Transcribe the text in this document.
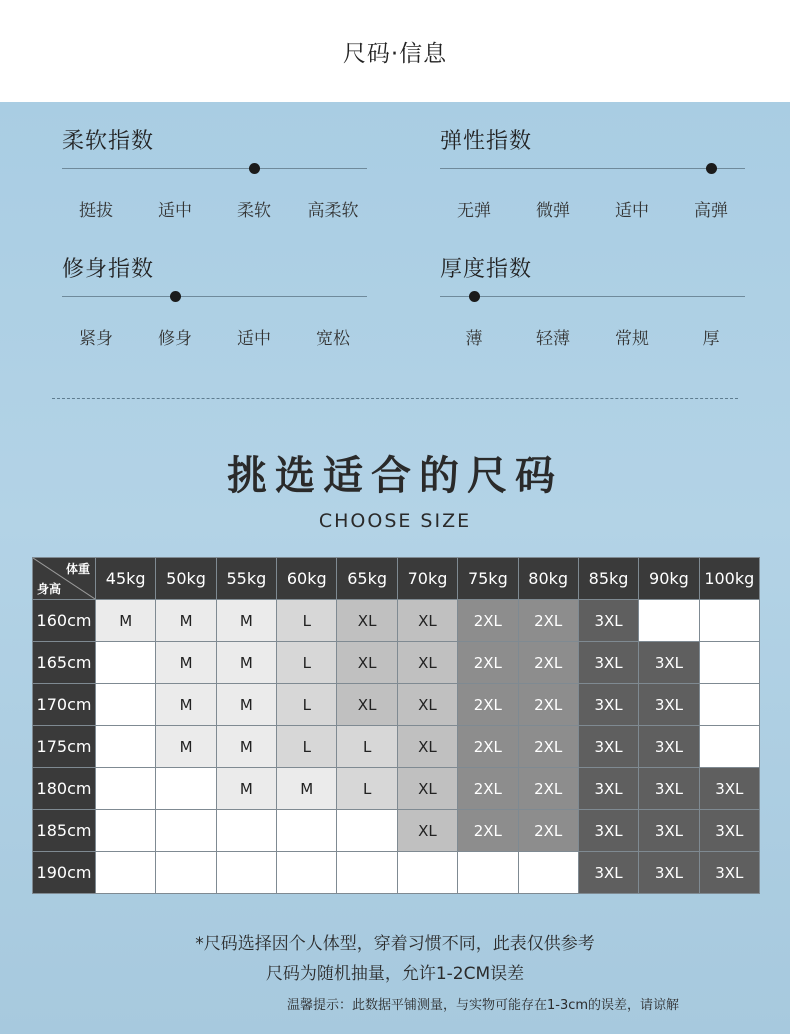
尺码·信息
柔软指数
挺拔	适中	柔软 高柔软
弹性指数
无弹	微弹	适中	高弹
修身指数
紧身	修身	适中	宽松
厚度指数
薄	轻薄	常规	厚
挑选适合的尺码
CHOOSE SIZE
体重
身高	45kg	50kg	55kg	60kg	65kg	70kg	75kg	80kg	85kg	90kg	100kg
160cm	M	M	M	L	XL	XL	2XL	2XL	3XL		
165cm		M	M	L	XL	XL	2XL	2XL	3XL	3XL	
170cm		M	M	L	XL	XL	2XL	2XL	3XL	3XL	
175cm		M	M	L	L	XL	2XL	2XL	3XL	3XL	
180cm			M	M	L	XL	2XL	2XL	3XL	3XL	3XL
185cm						XL	2XL	2XL	3XL	3XL	3XL
190cm									3XL	3XL	3XL
*尺码选择因个人体型，穿着习惯不同，此表仅供参考
尺码为随机抽量，允许1-2CM误差
温馨提示：此数据平铺测量，与实物可能存在1-3cm的误差，请谅解
